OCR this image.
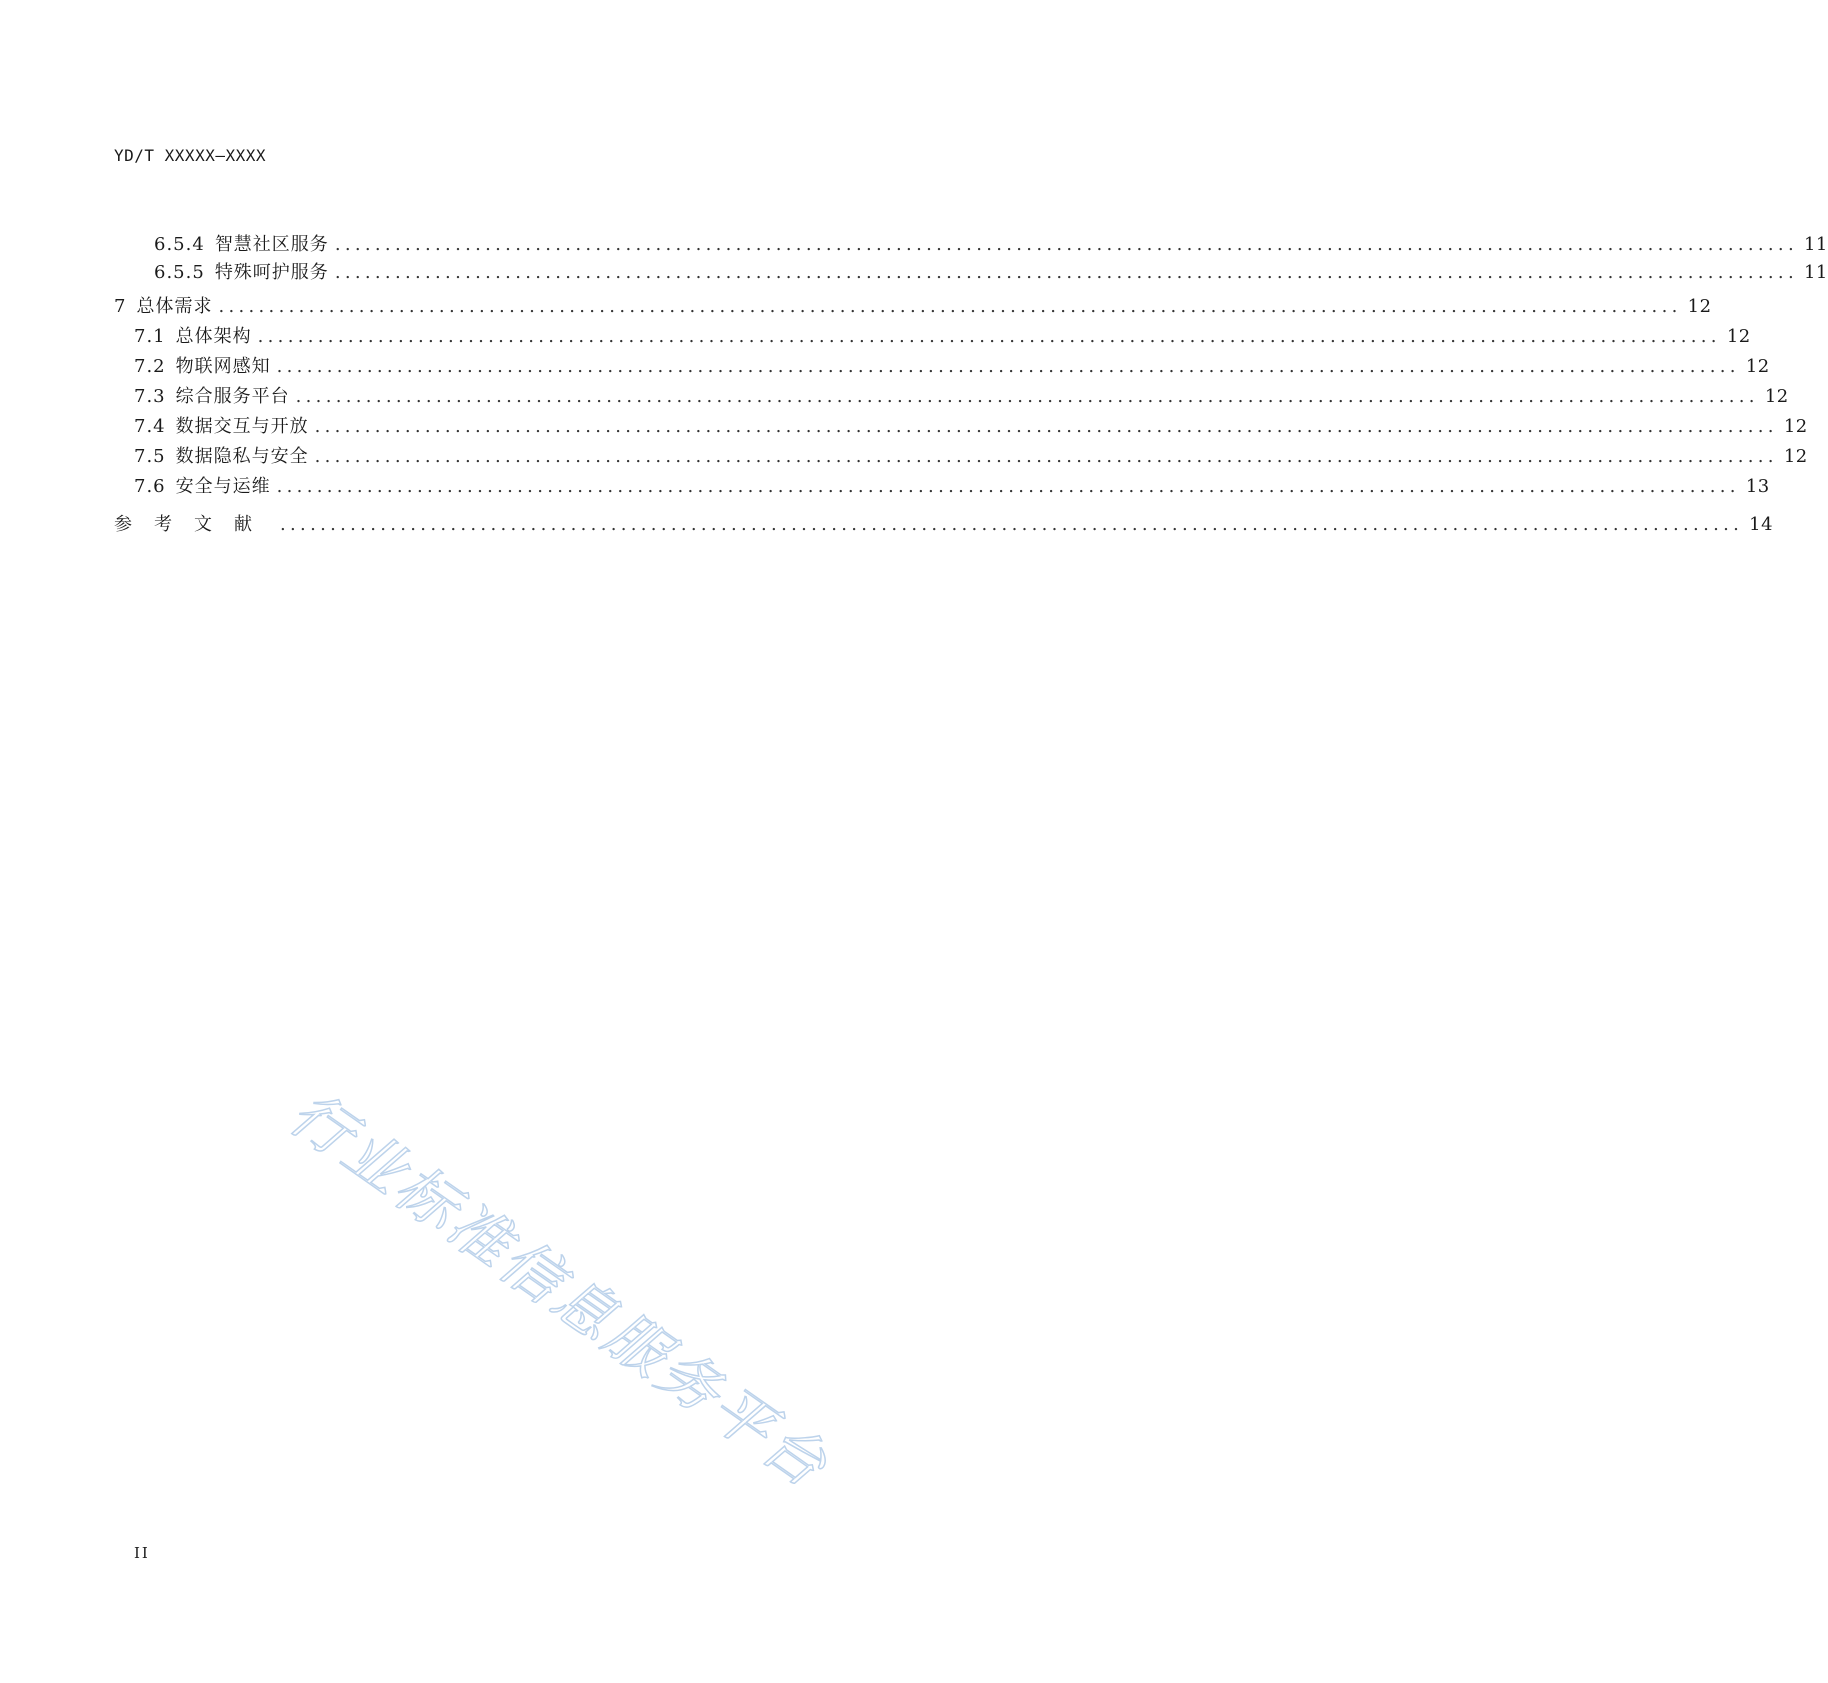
YD/T XXXXX—XXXX
6.5.4 智慧社区服务 .................................................................................................................................................. 11
6.5.5 特殊呵护服务 .................................................................................................................................................. 11
7 总体需求 .................................................................................................................................................. 12
7.1 总体架构 .................................................................................................................................................. 12
7.2 物联网感知 .................................................................................................................................................. 12
7.3 综合服务平台 .................................................................................................................................................. 12
7.4 数据交互与开放 .................................................................................................................................................. 12
7.5 数据隐私与安全 .................................................................................................................................................. 12
7.6 安全与运维 .................................................................................................................................................. 13
参考文献 .................................................................................................................................................. 14
行业标准信息服务平台
II
